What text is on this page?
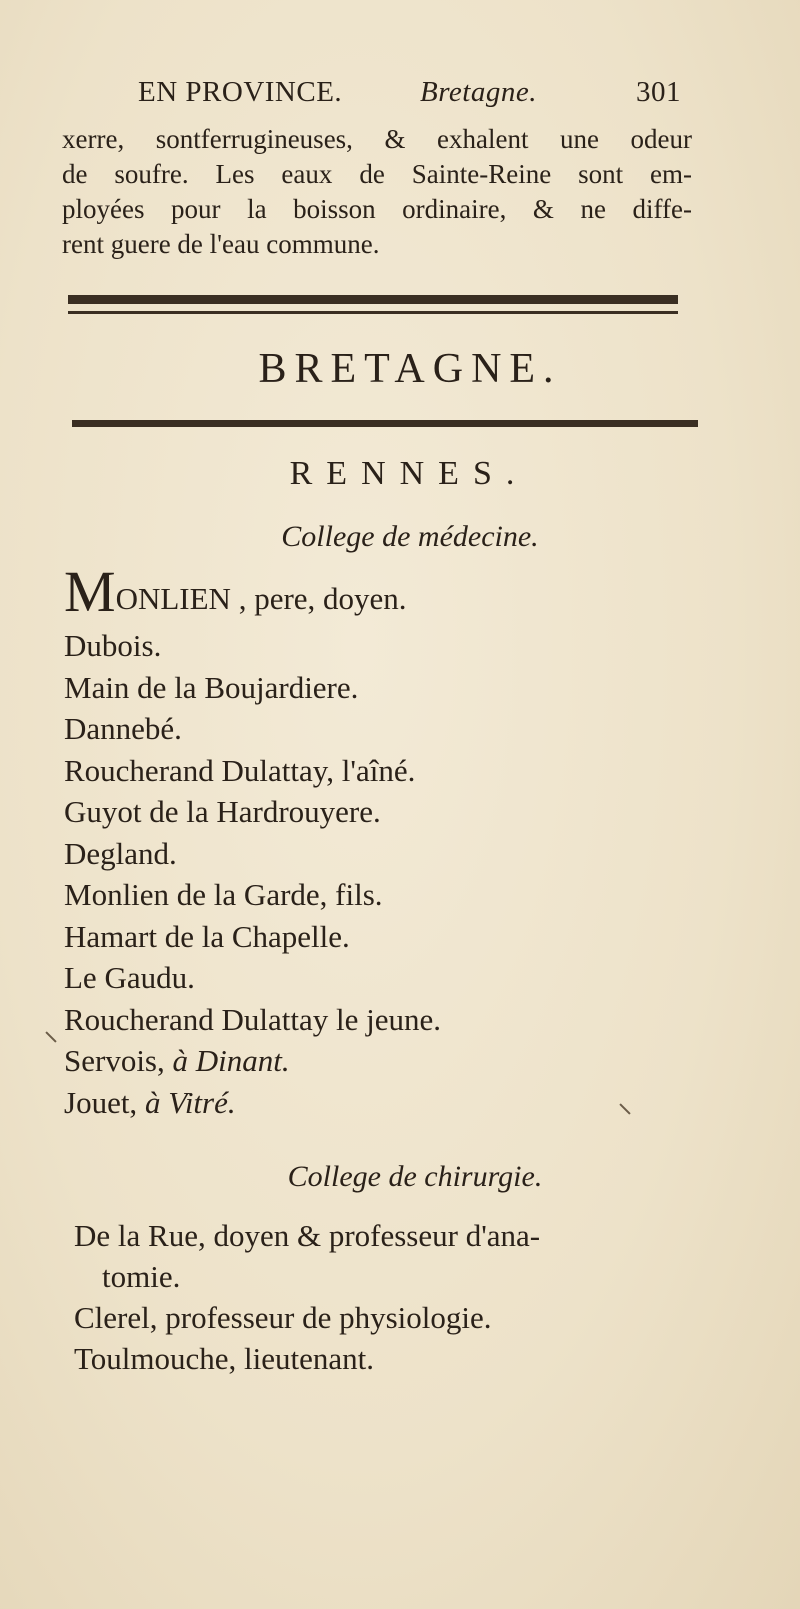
EN PROVINCE.	Bretagne.	301

xerre, sontferrugineuses, & exhalent une odeur

de soufre. Les eaux de Sainte-Reine sont em-

ployées pour la boisson ordinaire, & ne diffe-

rent guere de l'eau commune.

BRETAGNE.
RENNES.
College de médecine.

MONLIEN , pere, doyen.

Dubois.

Main de la Boujardiere.

Dannebé.

Roucherand Dulattay, l'aîné.

Guyot de la Hardrouyere.

Degland.

Monlien de la Garde, fils.

Hamart de la Chapelle.

Le Gaudu.

Roucherand Dulattay le jeune.

Servois, à Dinant.

Jouet, à Vitré.

College de chirurgie.

De la Rue, doyen & professeur d'ana-

tomie.

Clerel, professeur de physiologie.

Toulmouche, lieutenant.
